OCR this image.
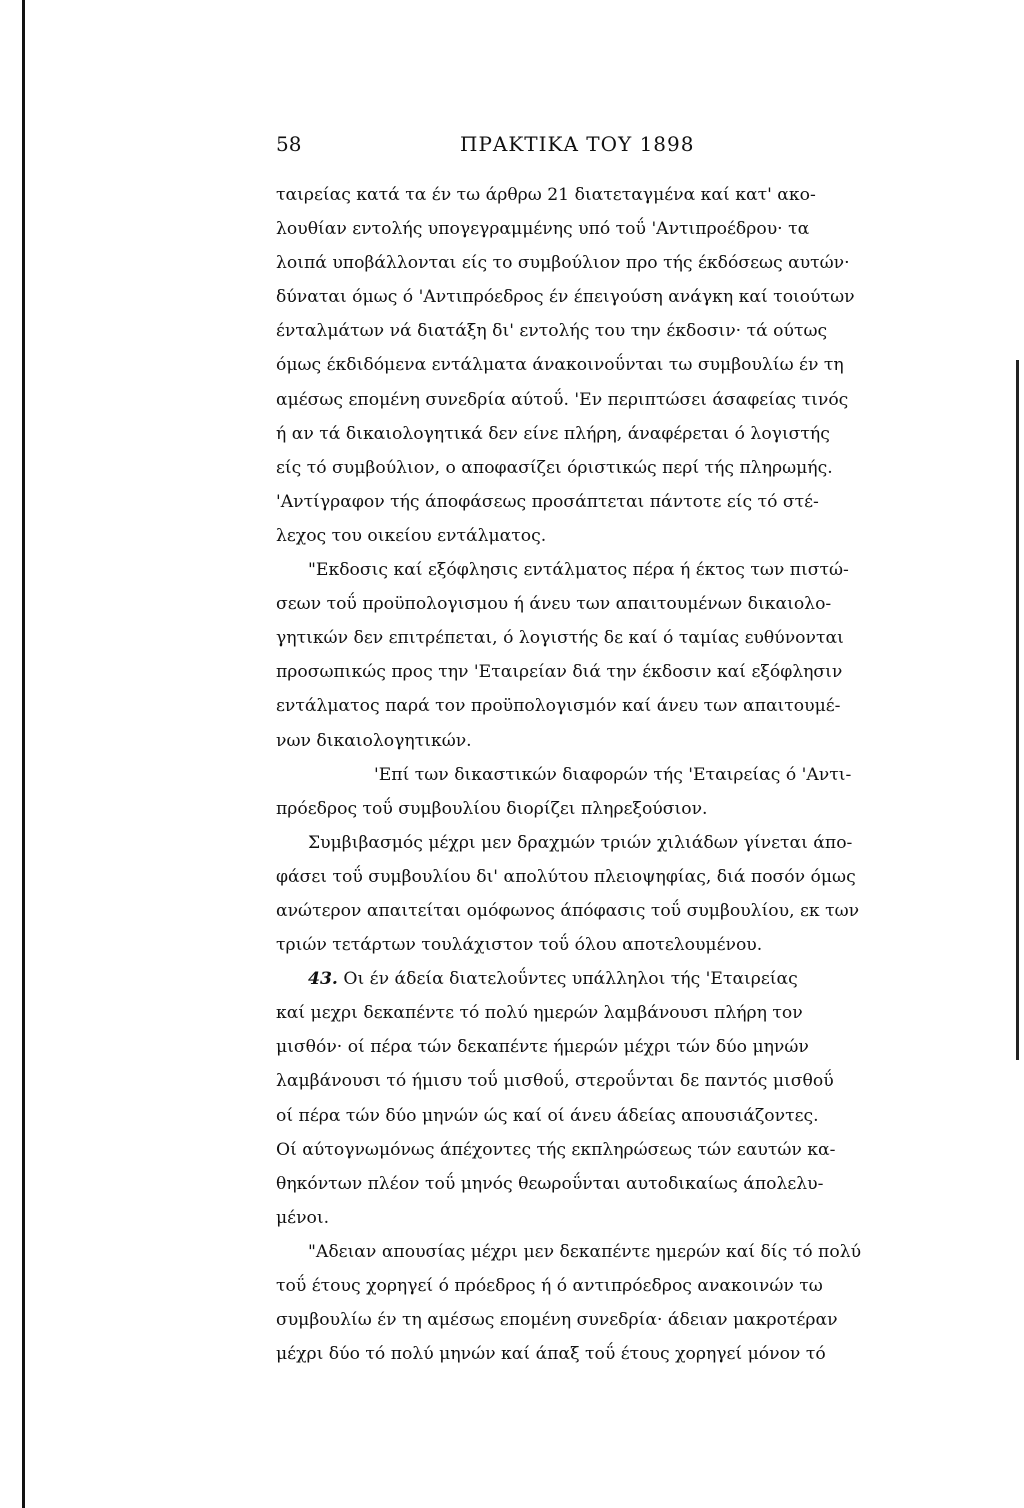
58	ΠΡΑΚΤΙΚΑ ΤΟΥ 1898
ταιρείας κατά τα έν τω άρθρω 21 διατεταγμένα καί κατ' ακο-
λουθίαν εντολής υπογεγραμμένης υπό τοΰ 'Αντιπροέδρου· τα
λοιπά υποβάλλονται είς το συμβούλιον προ τής έκδόσεως αυτών·
δύναται όμως ό 'Αντιπρόεδρος έν έπειγούση ανάγκη καί τοιούτων
ένταλμάτων νά διατάξη δι' εντολής του την έκδοσιν· τά ούτως
όμως έκδιδόμενα εντάλματα άνακοινοΰνται τω συμβουλίω έν τη
αμέσως επομένη συνεδρία αύτοΰ. 'Εν περιπτώσει άσαφείας τινός
ή αν τά δικαιολογητικά δεν είνε πλήρη, άναφέρεται ό λογιστής
είς τό συμβούλιον, ο αποφασίζει όριστικώς περί τής πληρωμής.
'Αντίγραφον τής άποφάσεως προσάπτεται πάντοτε είς τό στέ-
λεχος του οικείου εντάλματος.
"Εκδοσις καί εξόφλησις εντάλματος πέρα ή έκτος των πιστώ-
σεων τοΰ προϋπολογισμου ή άνευ των απαιτουμένων δικαιολο-
γητικών δεν επιτρέπεται, ό λογιστής δε καί ό ταμίας ευθύνονται
προσωπικώς προς την 'Εταιρείαν διά την έκδοσιν καί εξόφλησιν
εντάλματος παρά τον προϋπολογισμόν καί άνευ των απαιτουμέ-
νων δικαιολογητικών.
'Επί των δικαστικών διαφορών τής 'Εταιρείας ό 'Αντι-
πρόεδρος τοΰ συμβουλίου διορίζει πληρεξούσιον.
Συμβιβασμός μέχρι μεν δραχμών τριών χιλιάδων γίνεται άπο-
φάσει τοΰ συμβουλίου δι' απολύτου πλειοψηφίας, διά ποσόν όμως
ανώτερον απαιτείται ομόφωνος άπόφασις τοΰ συμβουλίου, εκ των
τριών τετάρτων τουλάχιστον τοΰ όλου αποτελουμένου.
43. Οι έν άδεία διατελοΰντες υπάλληλοι τής 'Εταιρείας
καί μεχρι δεκαπέντε τό πολύ ημερών λαμβάνουσι πλήρη τον
μισθόν· οί πέρα τών δεκαπέντε ήμερών μέχρι τών δύο μηνών
λαμβάνουσι τό ήμισυ τοΰ μισθοΰ, στεροΰνται δε παντός μισθοΰ
οί πέρα τών δύο μηνών ώς καί οί άνευ άδείας απουσιάζοντες.
Οί αύτογνωμόνως άπέχοντες τής εκπληρώσεως τών εαυτών κα-
θηκόντων πλέον τοΰ μηνός θεωροΰνται αυτοδικαίως άπολελυ-
μένοι.
"Αδειαν απουσίας μέχρι μεν δεκαπέντε ημερών καί δίς τό πολύ
τοΰ έτους χορηγεί ό πρόεδρος ή ό αντιπρόεδρος ανακοινών τω
συμβουλίω έν τη αμέσως επομένη συνεδρία· άδειαν μακροτέραν
μέχρι δύο τό πολύ μηνών καί άπαξ τοΰ έτους χορηγεί μόνον τό
